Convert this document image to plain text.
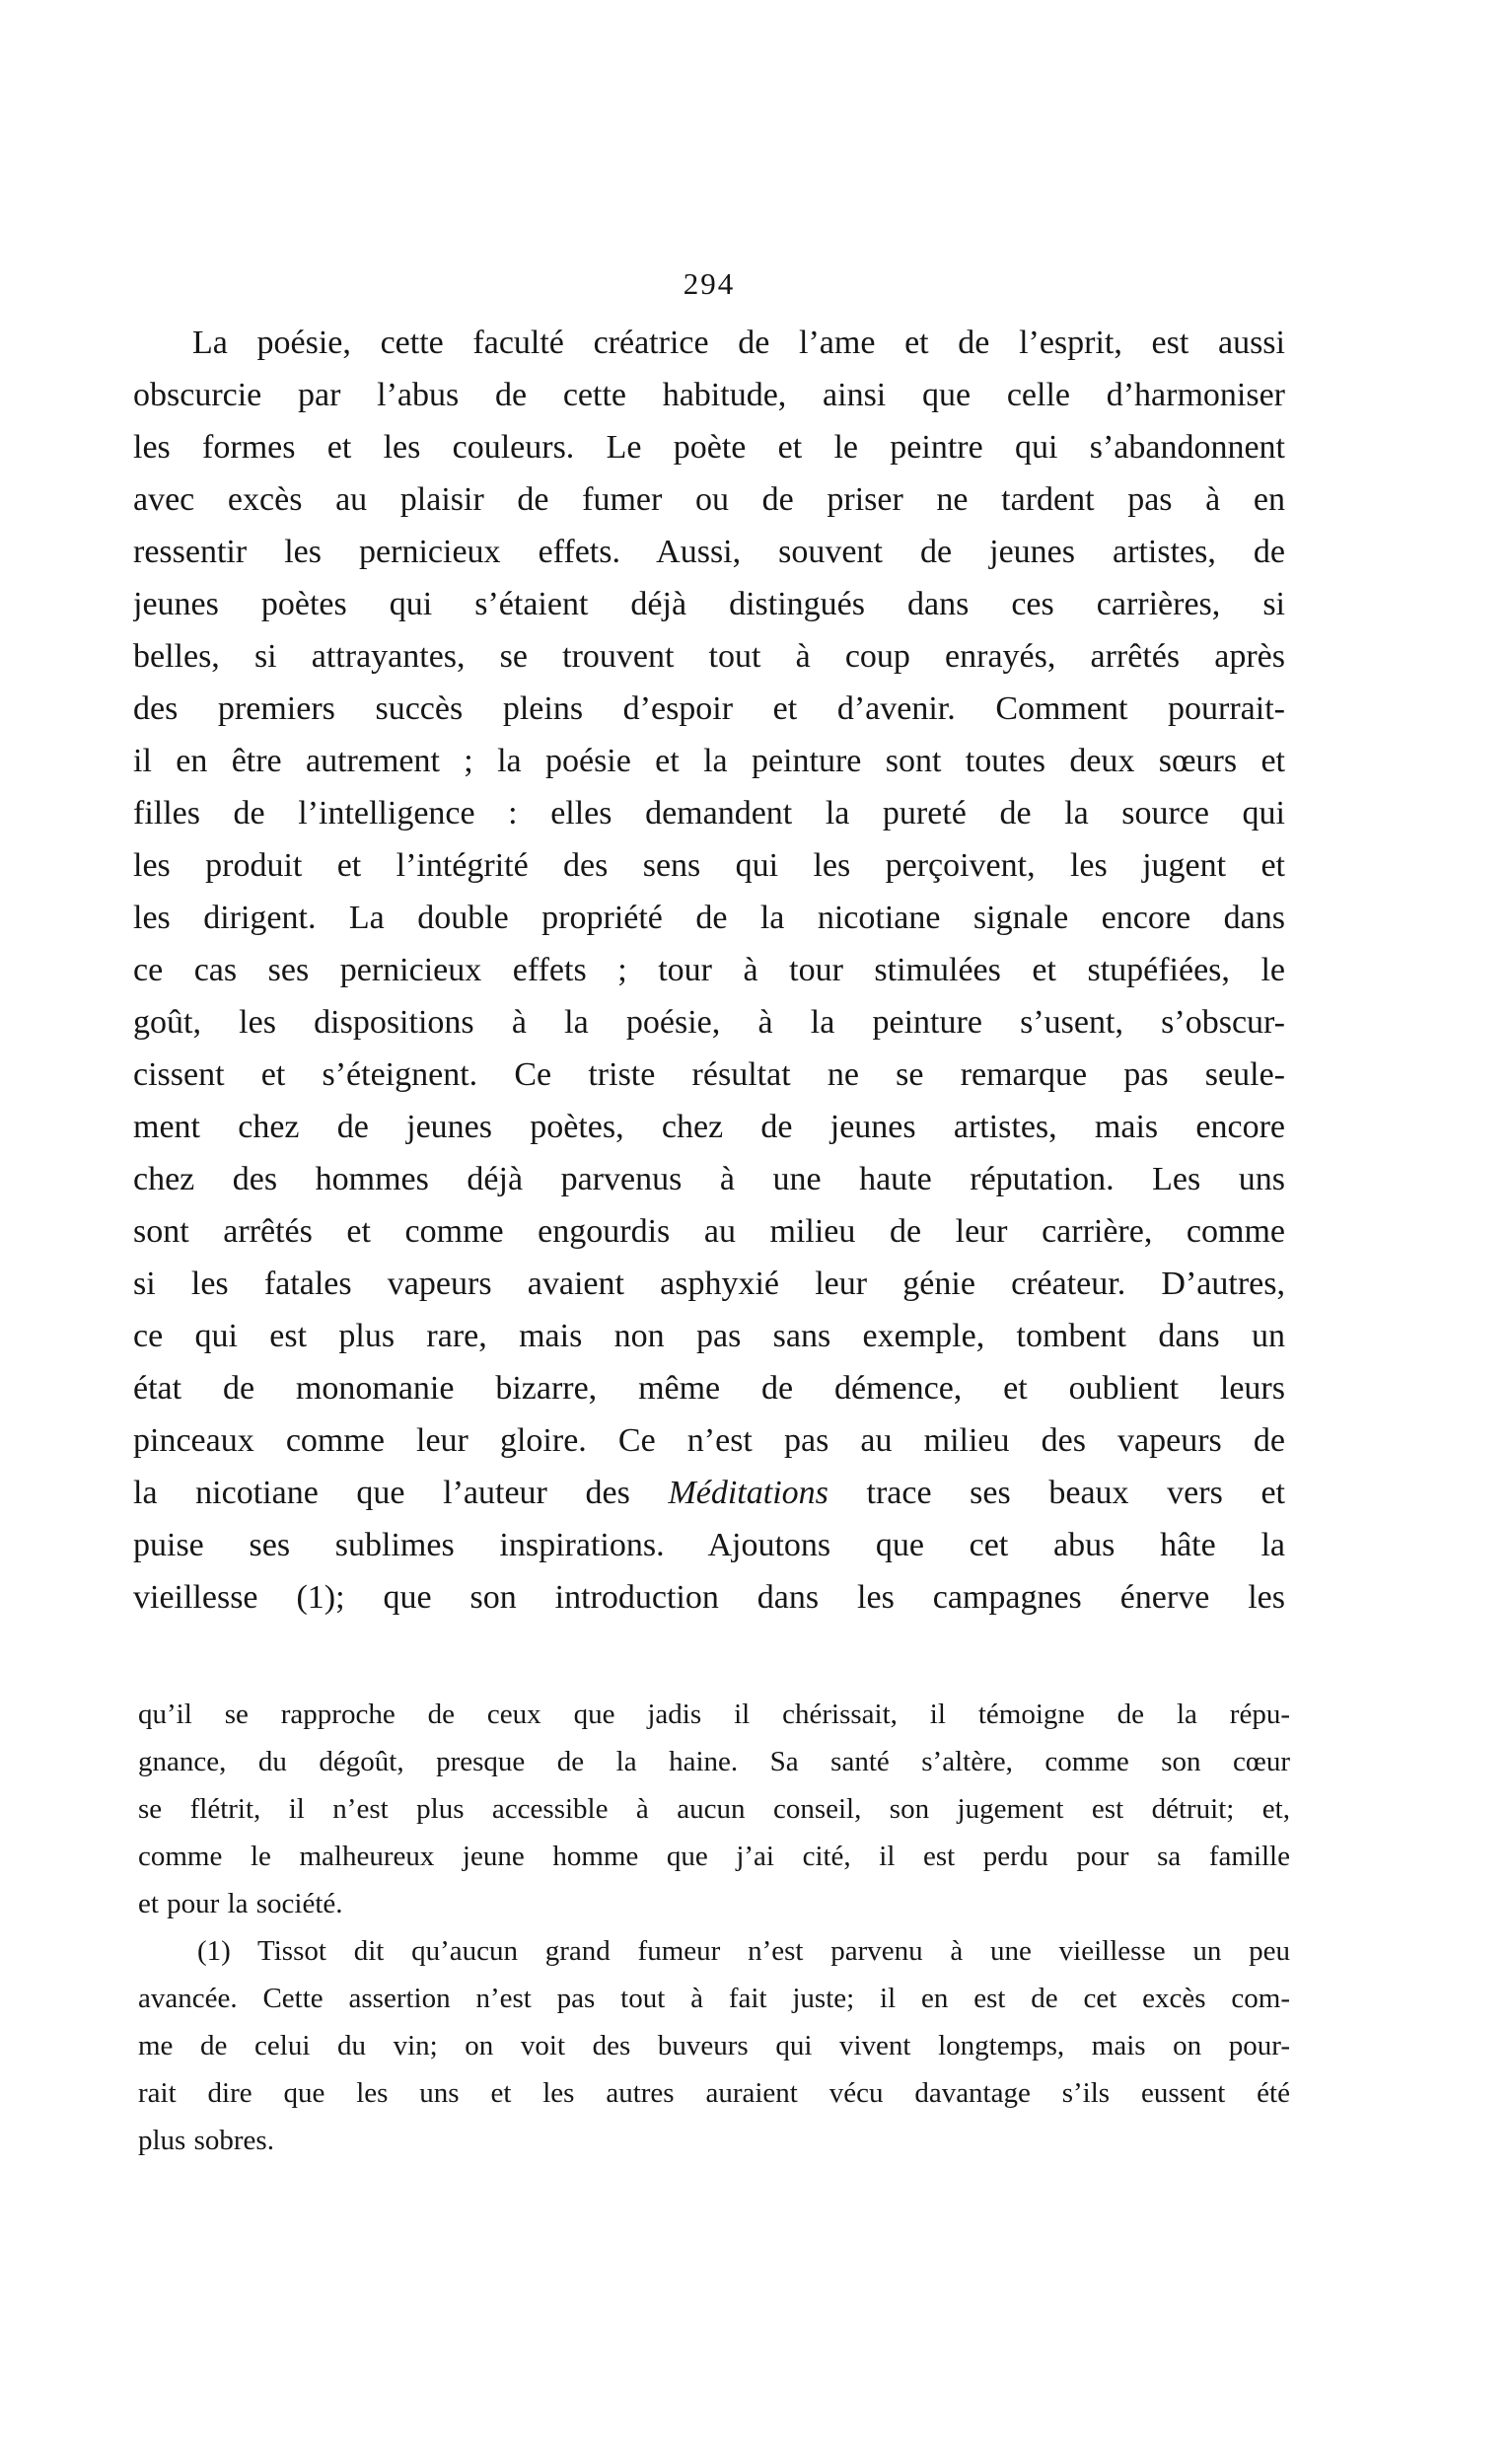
294
La poésie, cette faculté créatrice de l’ame et de l’esprit, est aussi
obscurcie par l’abus de cette habitude, ainsi que celle d’harmoniser
les formes et les couleurs. Le poète et le peintre qui s’abandonnent
avec excès au plaisir de fumer ou de priser ne tardent pas à en
ressentir les pernicieux effets. Aussi, souvent de jeunes artistes, de
jeunes poètes qui s’étaient déjà distingués dans ces carrières, si
belles, si attrayantes, se trouvent tout à coup enrayés, arrêtés après
des premiers succès pleins d’espoir et d’avenir. Comment pourrait-
il en être autrement ; la poésie et la peinture sont toutes deux sœurs et
filles de l’intelligence : elles demandent la pureté de la source qui
les produit et l’intégrité des sens qui les perçoivent, les jugent et
les dirigent. La double propriété de la nicotiane signale encore dans
ce cas ses pernicieux effets ; tour à tour stimulées et stupéfiées, le
goût, les dispositions à la poésie, à la peinture s’usent, s’obscur-
cissent et s’éteignent. Ce triste résultat ne se remarque pas seule-
ment chez de jeunes poètes, chez de jeunes artistes, mais encore
chez des hommes déjà parvenus à une haute réputation. Les uns
sont arrêtés et comme engourdis au milieu de leur carrière, comme
si les fatales vapeurs avaient asphyxié leur génie créateur. D’autres,
ce qui est plus rare, mais non pas sans exemple, tombent dans un
état de monomanie bizarre, même de démence, et oublient leurs
pinceaux comme leur gloire. Ce n’est pas au milieu des vapeurs de
la nicotiane que l’auteur des Méditations trace ses beaux vers et
puise ses sublimes inspirations. Ajoutons que cet abus hâte la
vieillesse (1); que son introduction dans les campagnes énerve les
qu’il se rapproche de ceux que jadis il chérissait, il témoigne de la répu-
gnance, du dégoût, presque de la haine. Sa santé s’altère, comme son cœur
se flétrit, il n’est plus accessible à aucun conseil, son jugement est détruit; et,
comme le malheureux jeune homme que j’ai cité, il est perdu pour sa famille
et pour la société.
(1) Tissot dit qu’aucun grand fumeur n’est parvenu à une vieillesse un peu
avancée. Cette assertion n’est pas tout à fait juste; il en est de cet excès com-
me de celui du vin; on voit des buveurs qui vivent longtemps, mais on pour-
rait dire que les uns et les autres auraient vécu davantage s’ils eussent été
plus sobres.
